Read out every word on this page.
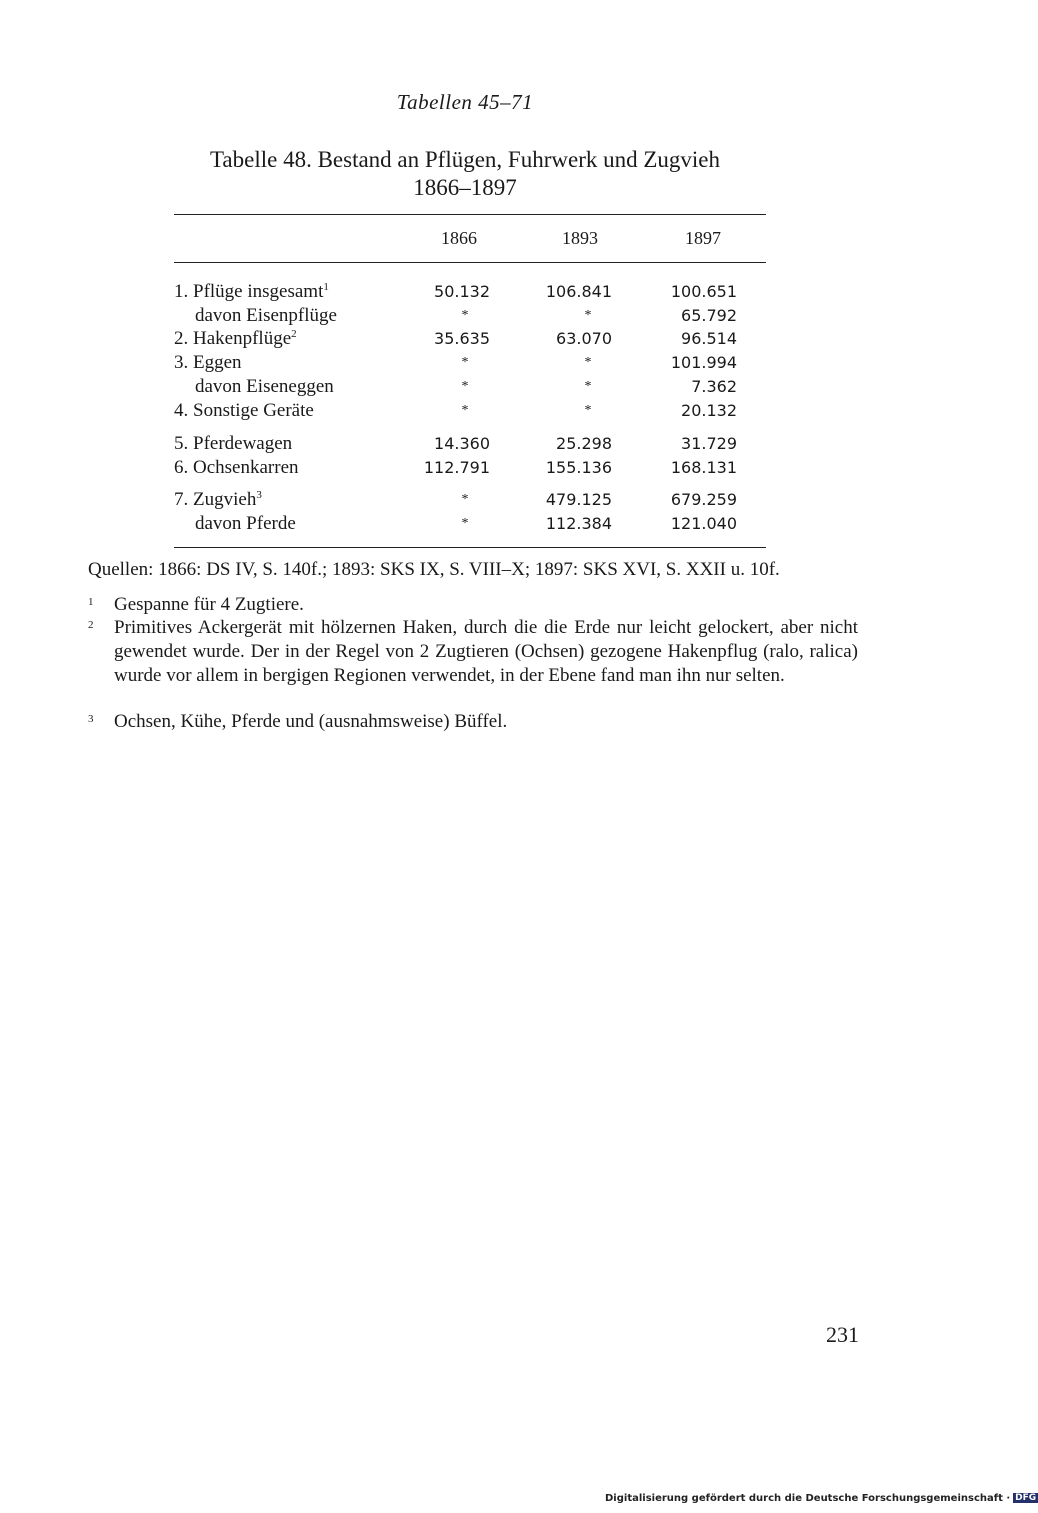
Tabellen 45–71
Tabelle 48. Bestand an Pflügen, Fuhrwerk und Zugvieh
1866–1897
1866	1893	1897
1. Pflüge insgesamt$^1$	50.132	106.841	100.651
davon Eisenpflüge	*	*	65.792
2. Hakenpflüge$^2$	35.635	63.070	96.514
3. Eggen	*	*	101.994
davon Eiseneggen	*	*	7.362
4. Sonstige Geräte	*	*	20.132
5. Pferdewagen	14.360	25.298	31.729
6. Ochsenkarren	112.791	155.136	168.131
7. Zugvieh$^3$	*	479.125	679.259
davon Pferde	*	112.384	121.040
Quellen: 1866: DS IV, S. 140f.; 1893: SKS IX, S. VIII–X; 1897: SKS XVI, S. XXII u. 10f.
1	Gespanne für 4 Zugtiere.
2	Primitives Ackergerät mit hölzernen Haken, durch die die Erde nur leicht gelockert, aber nicht gewendet wurde. Der in der Regel von 2 Zugtieren (Ochsen) gezogene Hakenpflug (ralo, ralica) wurde vor allem in bergigen Regionen verwendet, in der Ebene fand man ihn nur selten.
3	Ochsen, Kühe, Pferde und (ausnahmsweise) Büffel.
231
Digitalisierung gefördert durch die Deutsche Forschungsgemeinschaft · DFG
